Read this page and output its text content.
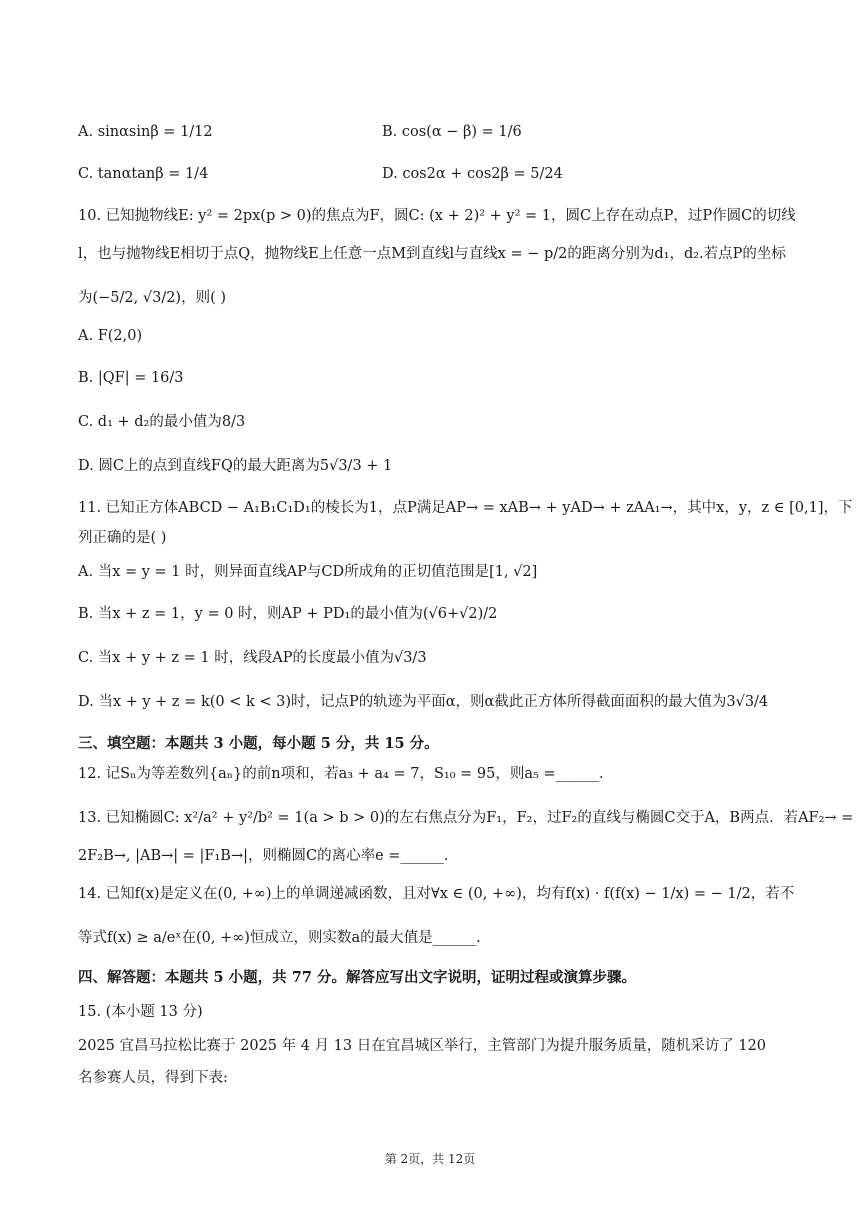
A. sinαsinβ = 1/12	B. cos(α − β) = 1/6
C. tanαtanβ = 1/4	D. cos2α + cos2β = 5/24
10. 已知抛物线E: y² = 2px(p > 0)的焦点为F，圆C: (x + 2)² + y² = 1，圆C上存在动点P，过P作圆C的切线
l，也与抛物线E相切于点Q，抛物线E上任意一点M到直线l与直线x = − p/2的距离分别为d₁，d₂.若点P的坐标
为(−5/2, √3/2)，则( )
A. F(2,0)
B. |QF| = 16/3
C. d₁ + d₂的最小值为8/3
D. 圆C上的点到直线FQ的最大距离为5√3/3 + 1
11. 已知正方体ABCD − A₁B₁C₁D₁的棱长为1，点P满足AP→ = xAB→ + yAD→ + zAA₁→，其中x，y，z ∈ [0,1]，下
列正确的是( )
A. 当x = y = 1 时，则异面直线AP与CD所成角的正切值范围是[1, √2]
B. 当x + z = 1，y = 0 时，则AP + PD₁的最小值为(√6+√2)/2
C. 当x + y + z = 1 时，线段AP的长度最小值为√3/3
D. 当x + y + z = k(0 < k < 3)时，记点P的轨迹为平面α，则α截此正方体所得截面面积的最大值为3√3/4
三、填空题：本题共 3 小题，每小题 5 分，共 15 分。
12. 记Sₙ为等差数列{aₙ}的前n项和，若a₃ + a₄ = 7，S₁₀ = 95，则a₅ =______.
13. 已知椭圆C: x²/a² + y²/b² = 1(a > b > 0)的左右焦点分为F₁，F₂，过F₂的直线与椭圆C交于A，B两点．若AF₂→ =
2F₂B→, |AB→| = |F₁B→|，则椭圆C的离心率e =______.
14. 已知f(x)是定义在(0, +∞)上的单调递减函数，且对∀x ∈ (0, +∞)，均有f(x) · f(f(x) − 1/x) = − 1/2，若不
等式f(x) ≥ a/eˣ在(0, +∞)恒成立，则实数a的最大值是______.
四、解答题：本题共 5 小题，共 77 分。解答应写出文字说明，证明过程或演算步骤。
15. (本小题 13 分)
2025 宜昌马拉松比赛于 2025 年 4 月 13 日在宜昌城区举行，主管部门为提升服务质量，随机采访了 120
名参赛人员，得到下表:
第 2页，共 12页
